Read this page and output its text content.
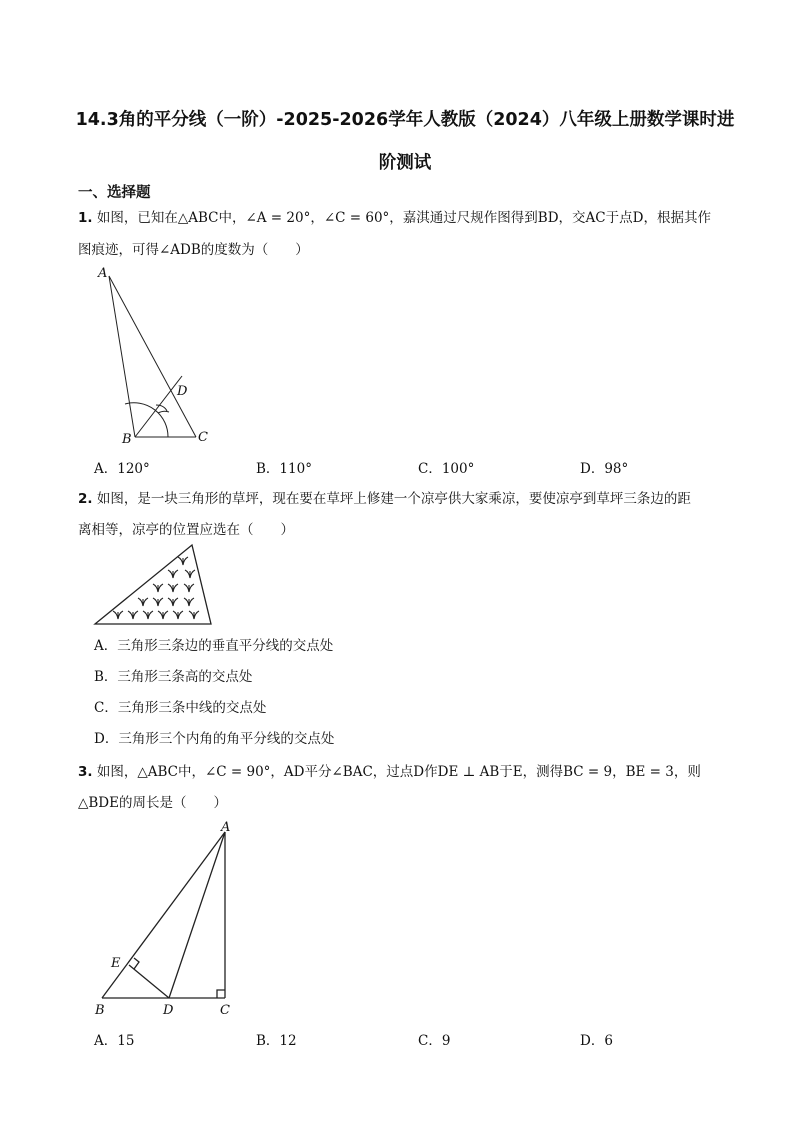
14.3角的平分线（一阶）-2025-2026学年人教版（2024）八年级上册数学课时进
阶测试
一、选择题
1. 如图，已知在△ABC中，∠A = 20°，∠C = 60°，嘉淇通过尺规作图得到BD，交AC于点D，根据其作
图痕迹，可得∠ADB的度数为（　　）
A
B	C
D
A．120°	B．110°	C．100°	D．98°
2. 如图，是一块三角形的草坪，现在要在草坪上修建一个凉亭供大家乘凉，要使凉亭到草坪三条边的距
离相等，凉亭的位置应选在（　　）
A．三角形三条边的垂直平分线的交点处
B．三角形三条高的交点处
C．三角形三条中线的交点处
D．三角形三个内角的角平分线的交点处
3. 如图，△ABC中，∠C = 90°，AD平分∠BAC，过点D作DE ⊥ AB于E，测得BC = 9，BE = 3，则
△BDE的周长是（　　）
A
B	C
D
E
A．15	B．12	C．9	D．6
